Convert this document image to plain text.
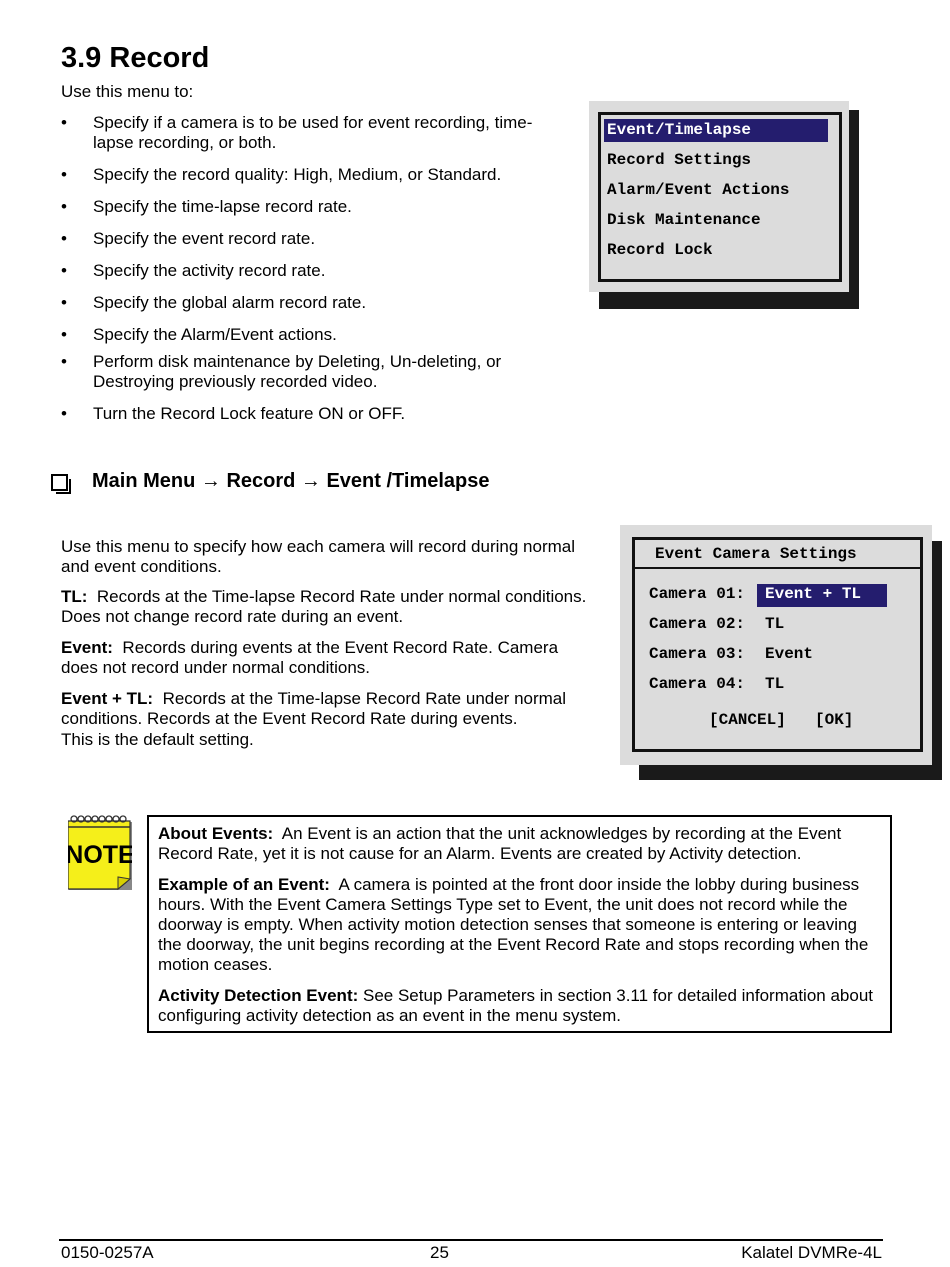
3.9 Record
Use this menu to:
• Specify if a camera is to be used for event recording, time-lapse recording, or both.
• Specify the record quality: High, Medium, or Standard.
• Specify the time-lapse record rate.
• Specify the event record rate.
• Specify the activity record rate.
• Specify the global alarm record rate.
• Specify the Alarm/Event actions.
• Perform disk maintenance by Deleting, Un-deleting, or Destroying previously recorded video.
• Turn the Record Lock feature ON or OFF.
Event/Timelapse
Record Settings
Alarm/Event Actions
Disk Maintenance
Record Lock
Main Menu → Record → Event /Timelapse
Use this menu to specify how each camera will record during normal and event conditions.
TL: Records at the Time-lapse Record Rate under normal conditions. Does not change record rate during an event.
Event: Records during events at the Event Record Rate. Camera does not record under normal conditions.
Event + TL: Records at the Time-lapse Record Rate under normal conditions. Records at the Event Record Rate during events.
This is the default setting.
Event Camera Settings
Camera 01: Event + TL
Camera 02: TL
Camera 03: Event
Camera 04: TL
[CANCEL] [OK]
NOTE
About Events: An Event is an action that the unit acknowledges by recording at the Event Record Rate, yet it is not cause for an Alarm. Events are created by Activity detection.
Example of an Event: A camera is pointed at the front door inside the lobby during business hours. With the Event Camera Settings Type set to Event, the unit does not record while the doorway is empty. When activity motion detection senses that someone is entering or leaving the doorway, the unit begins recording at the Event Record Rate and stops recording when the motion ceases.
Activity Detection Event: See Setup Parameters in section 3.11 for detailed information about configuring activity detection as an event in the menu system.
0150-0257A	25	Kalatel DVMRe-4L
